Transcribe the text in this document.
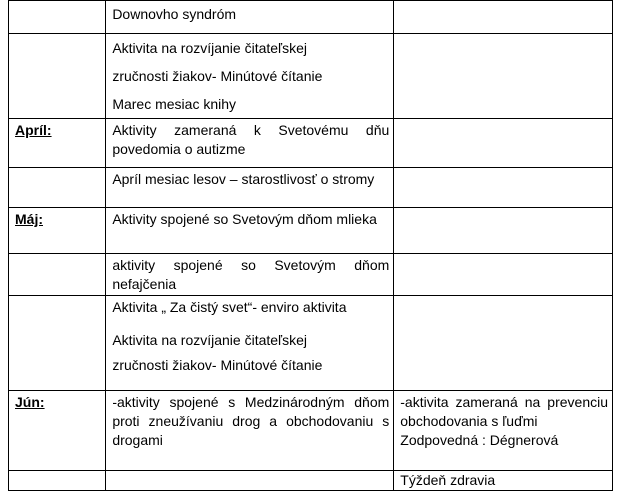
	Downovho syndróm	

	Aktivita na rozvíjanie čitateľskej
zručnosti žiakov- Minútové čítanie
Marec mesiac knihy	

Apríl:	Aktivity zameraná k Svetovému dňu povedomia o autizme	
	Apríl mesiac lesov – starostlivosť o stromy	
Máj:	Aktivity spojené so Svetovým dňom mlieka	
	aktivity spojené so Svetovým dňom nefajčenia	

	Aktivita „ Za čistý svet“- enviro aktivita
Aktivita na rozvíjanie čitateľskej
zručnosti žiakov- Minútové čítanie	

Jún:	-aktivity spojené s Medzinárodným dňom proti zneužívaniu drog a obchodovaniu s drogami	-aktivita zameraná na prevenciu obchodovania s ľuďmi
Zodpovedná : Dégnerová

		Týždeň zdravia
